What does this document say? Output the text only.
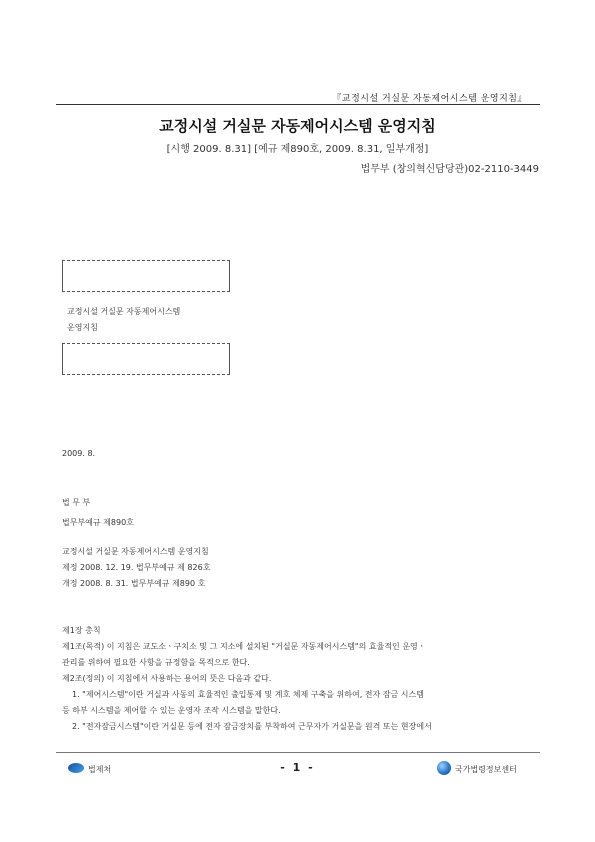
『교정시설 거실문 자동제어시스템 운영지침』
교정시설 거실문 자동제어시스템 운영지침
[시행 2009. 8.31] [예규 제890호, 2009. 8.31, 일부개정]
법무부 (창의혁신담당관)02-2110-3449
교정시설 거실문 자동제어시스템
운영지침
2009. 8.
법 무 부
법무부예규 제890호
교정시설 거실문 자동제어시스템 운영지침
제정 2008. 12. 19. 법무부예규 제 826호
개정 2008. 8. 31. 법무부예규 제890 호
제1장 총칙
제1조(목적) 이 지침은 교도소ㆍ구치소 및 그 지소에 설치된 "거실문 자동제어시스템"의 효율적인 운영ㆍ
관리를 위하여 필요한 사항을 규정함을 목적으로 한다.
제2조(정의) 이 지침에서 사용하는 용어의 뜻은 다음과 같다.
1. "제어시스템"이란 거실과 사동의 효율적인 출입통제 및 계호 체제 구축을 위하여, 전자 잠금 시스템
등 하부 시스템을 제어할 수 있는 운영자 조작 시스템을 말한다.
2. "전자잠금시스템"이란 거실문 등에 전자 잠금장치를 부착하여 근무자가 거실문을 원격 또는 현장에서
법제처	- 1 -	국가법령정보센터
